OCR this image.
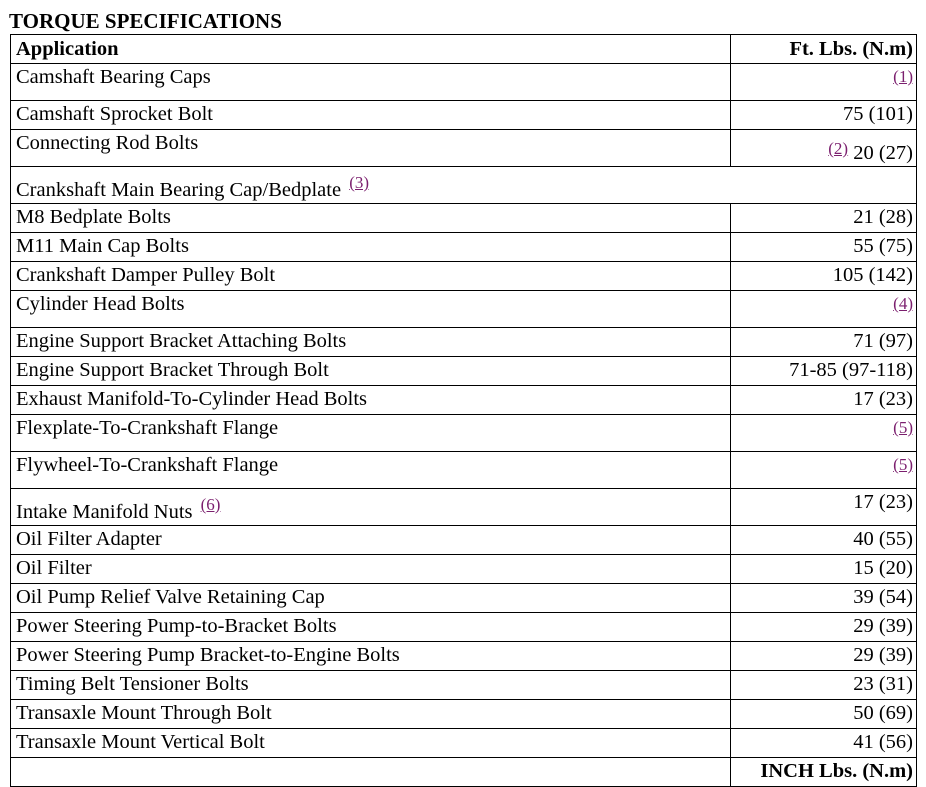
TORQUE SPECIFICATIONS
Application	Ft. Lbs. (N.m)
Camshaft Bearing Caps	$^{(1)}$
Camshaft Sprocket Bolt	75 (101)
Connecting Rod Bolts	$^{(2)}$ 20 (27)
Crankshaft Main Bearing Cap/Bedplate $^{(3)}$
M8 Bedplate Bolts	21 (28)
M11 Main Cap Bolts	55 (75)
Crankshaft Damper Pulley Bolt	105 (142)
Cylinder Head Bolts	$^{(4)}$
Engine Support Bracket Attaching Bolts	71 (97)
Engine Support Bracket Through Bolt	71-85 (97-118)
Exhaust Manifold-To-Cylinder Head Bolts	17 (23)
Flexplate-To-Crankshaft Flange	$^{(5)}$
Flywheel-To-Crankshaft Flange	$^{(5)}$
Intake Manifold Nuts $^{(6)}$	17 (23)
Oil Filter Adapter	40 (55)
Oil Filter	15 (20)
Oil Pump Relief Valve Retaining Cap	39 (54)
Power Steering Pump-to-Bracket Bolts	29 (39)
Power Steering Pump Bracket-to-Engine Bolts	29 (39)
Timing Belt Tensioner Bolts	23 (31)
Transaxle Mount Through Bolt	50 (69)
Transaxle Mount Vertical Bolt	41 (56)
	INCH Lbs. (N.m)
